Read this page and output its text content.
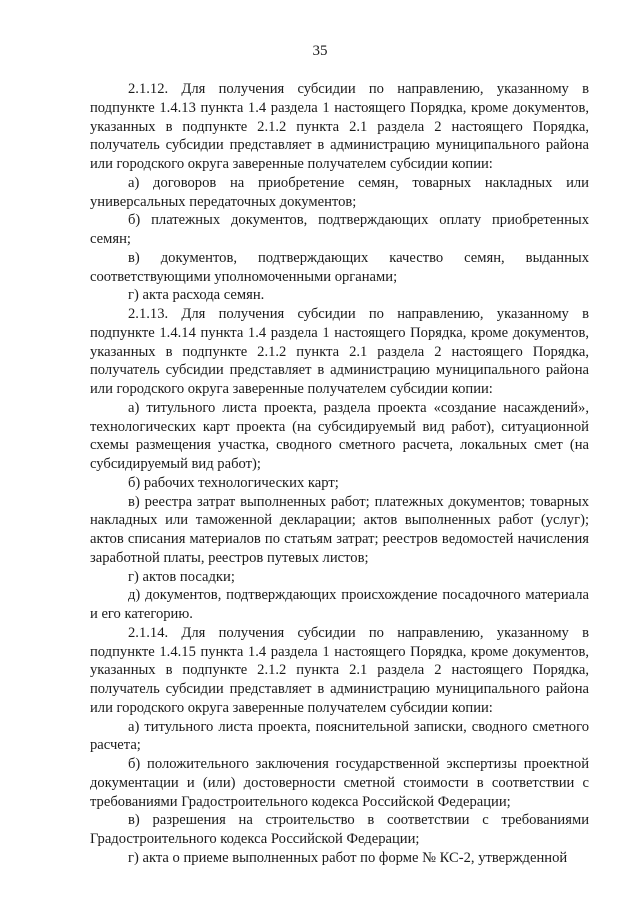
35

2.1.12. Для получения субсидии по направлению, указанному в подпункте 1.4.13 пункта 1.4 раздела 1 настоящего Порядка, кроме документов, указанных в подпункте 2.1.2 пункта 2.1 раздела 2 настоящего Порядка, получатель субсидии представляет в администрацию муниципального района или городского округа заверенные получателем субсидии копии:

а) договоров на приобретение семян, товарных накладных или универсальных передаточных документов;

б) платежных документов, подтверждающих оплату приобретенных семян;

в) документов, подтверждающих качество семян, выданных соответствующими уполномоченными органами;

г) акта расхода семян.

2.1.13. Для получения субсидии по направлению, указанному в подпункте 1.4.14 пункта 1.4 раздела 1 настоящего Порядка, кроме документов, указанных в подпункте 2.1.2 пункта 2.1 раздела 2 настоящего Порядка, получатель субсидии представляет в администрацию муниципального района или городского округа заверенные получателем субсидии копии:

а) титульного листа проекта, раздела проекта «создание насаждений», технологических карт проекта (на субсидируемый вид работ), ситуационной схемы размещения участка, сводного сметного расчета, локальных смет (на субсидируемый вид работ);

б) рабочих технологических карт;

в) реестра затрат выполненных работ; платежных документов; товарных накладных или таможенной декларации; актов выполненных работ (услуг); актов списания материалов по статьям затрат; реестров ведомостей начисления заработной платы, реестров путевых листов;

г) актов посадки;

д) документов, подтверждающих происхождение посадочного материала и его категорию.

2.1.14. Для получения субсидии по направлению, указанному в подпункте 1.4.15 пункта 1.4 раздела 1 настоящего Порядка, кроме документов, указанных в подпункте 2.1.2 пункта 2.1 раздела 2 настоящего Порядка, получатель субсидии представляет в администрацию муниципального района или городского округа заверенные получателем субсидии копии:

а) титульного листа проекта, пояснительной записки, сводного сметного расчета;

б) положительного заключения государственной экспертизы проектной документации и (или) достоверности сметной стоимости в соответствии с требованиями Градостроительного кодекса Российской Федерации;

в) разрешения на строительство в соответствии с требованиями Градостроительного кодекса Российской Федерации;

г) акта о приеме выполненных работ по форме № КС-2, утвержденной
